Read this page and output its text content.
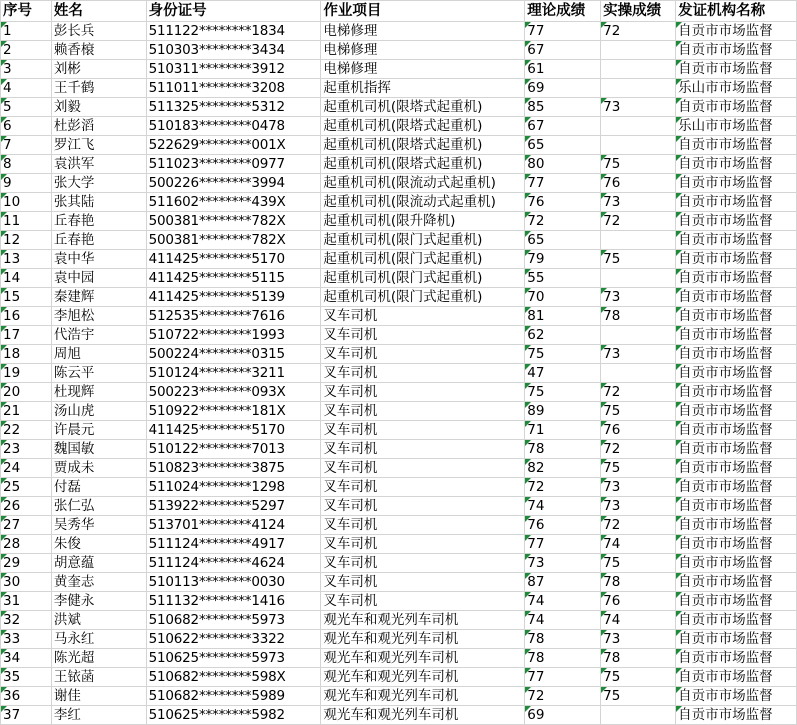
序号	姓名	身份证号	作业项目	理论成绩	实操成绩	发证机构名称

1	彭长兵	511122********1834	电梯修理	77	72	自贡市市场监督

2	赖香榱	510303********3434	电梯修理	67		自贡市市场监督

3	刘彬	510311********3912	电梯修理	61		自贡市市场监督

4	王千鹤	511011********3208	起重机指挥	69		乐山市市场监督

5	刘毅	511325********5312	起重机司机(限塔式起重机)	85	73	自贡市市场监督

6	杜彭滔	510183********0478	起重机司机(限塔式起重机)	67		乐山市市场监督

7	罗江飞	522629********001X	起重机司机(限塔式起重机)	65		自贡市市场监督

8	袁洪军	511023********0977	起重机司机(限塔式起重机)	80	75	自贡市市场监督

9	张大学	500226********3994	起重机司机(限流动式起重机)	77	76	自贡市市场监督

10	张其陆	511602********439X	起重机司机(限流动式起重机)	76	73	自贡市市场监督

11	丘春艳	500381********782X	起重机司机(限升降机)	72	72	自贡市市场监督

12	丘春艳	500381********782X	起重机司机(限门式起重机)	65		自贡市市场监督

13	袁中华	411425********5170	起重机司机(限门式起重机)	79	75	自贡市市场监督

14	袁中园	411425********5115	起重机司机(限门式起重机)	55		自贡市市场监督

15	秦建辉	411425********5139	起重机司机(限门式起重机)	70	73	自贡市市场监督

16	李旭松	512535********7616	叉车司机	81	78	自贡市市场监督

17	代浩宇	510722********1993	叉车司机	62		自贡市市场监督

18	周旭	500224********0315	叉车司机	75	73	自贡市市场监督

19	陈云平	510124********3211	叉车司机	47		自贡市市场监督

20	杜现辉	500223********093X	叉车司机	75	72	自贡市市场监督

21	汤山虎	510922********181X	叉车司机	89	75	自贡市市场监督

22	许晨元	411425********5170	叉车司机	71	76	自贡市市场监督

23	魏国敏	510122********7013	叉车司机	78	72	自贡市市场监督

24	贾成未	510823********3875	叉车司机	82	75	自贡市市场监督

25	付磊	511024********1298	叉车司机	72	73	自贡市市场监督

26	张仁弘	513922********5297	叉车司机	74	73	自贡市市场监督

27	吴秀华	513701********4124	叉车司机	76	72	自贡市市场监督

28	朱俊	511124********4917	叉车司机	77	74	自贡市市场监督

29	胡意蕴	511124********4624	叉车司机	73	75	自贡市市场监督

30	黄奎志	510113********0030	叉车司机	87	78	自贡市市场监督

31	李健永	511132********1416	叉车司机	74	76	自贡市市场监督

32	洪斌	510682********5973	观光车和观光列车司机	74	74	自贡市市场监督

33	马永红	510622********3322	观光车和观光列车司机	78	73	自贡市市场监督

34	陈光超	510625********5973	观光车和观光列车司机	78	78	自贡市市场监督

35	王铱菡	510682********598X	观光车和观光列车司机	77	75	自贡市市场监督

36	谢佳	510682********5989	观光车和观光列车司机	72	75	自贡市市场监督

37	李红	510625********5982	观光车和观光列车司机	69		自贡市市场监督
